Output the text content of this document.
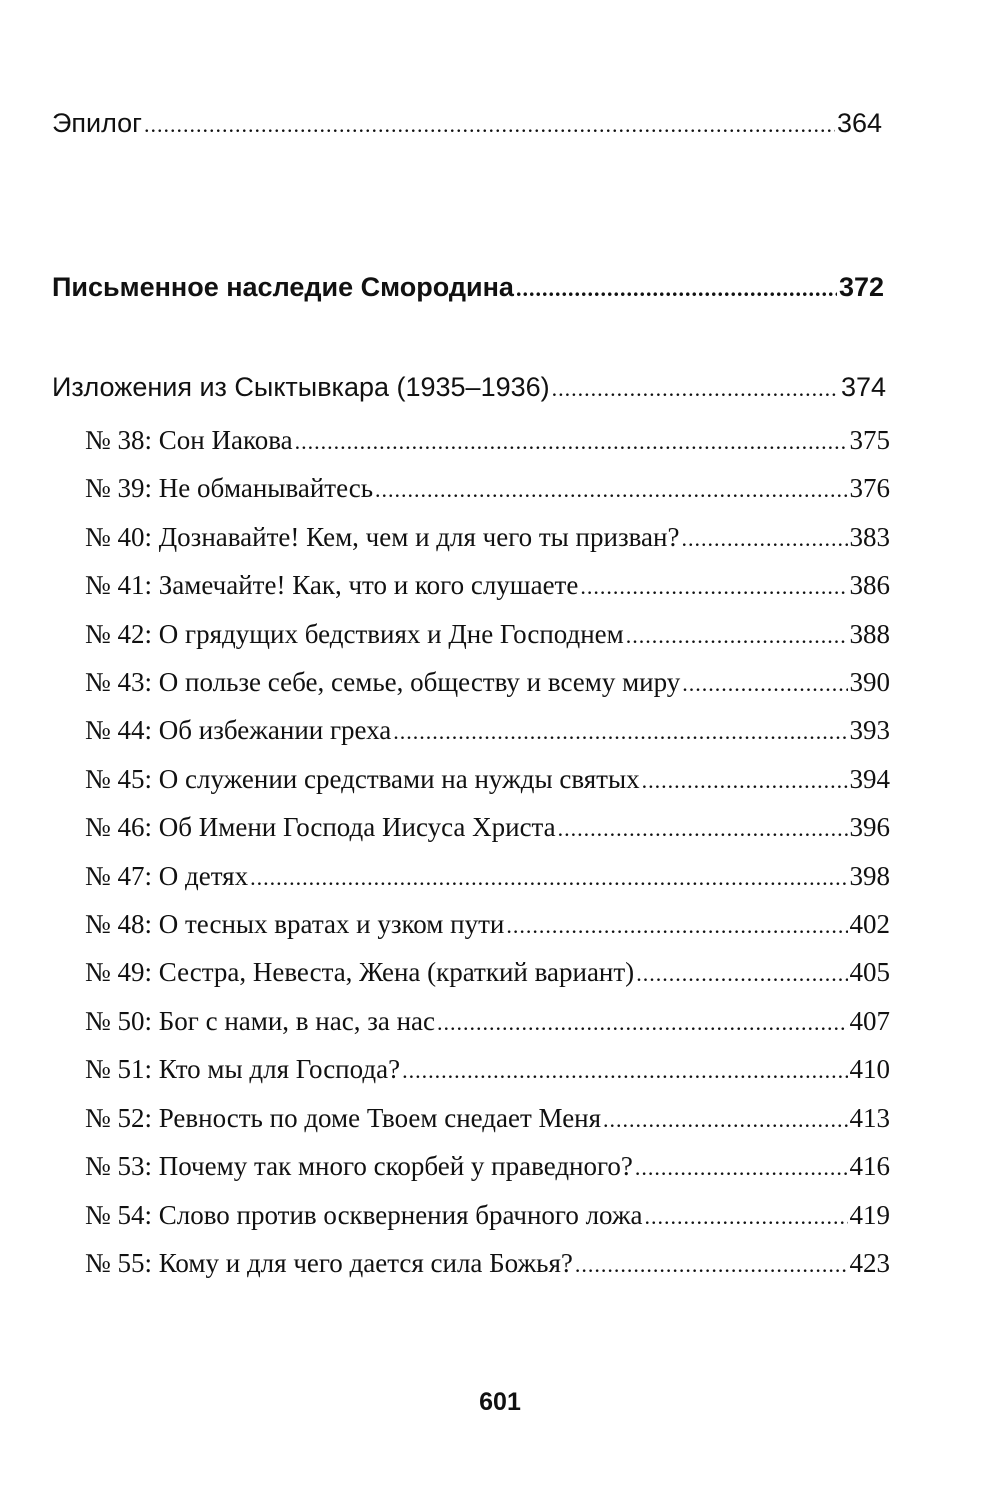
Эпилог .....	364
Письменное наследие Смородина .....	372
Изложения из Сыктывкара (1935–1936) .....	374
№ 38: Сон Иакова .....	375
№ 39: Не обманывайтесь .....	376
№ 40: Дознавайте! Кем, чем и для чего ты призван? .....	383
№ 41: Замечайте! Как, что и кого слушаете .....	386
№ 42: О грядущих бедствиях и Дне Господнем .....	388
№ 43: О пользе себе, семье, обществу и всему миру .....	390
№ 44: Об избежании греха .....	393
№ 45: О служении средствами на нужды святых .....	394
№ 46: Об Имени Господа Иисуса Христа .....	396
№ 47: О детях .....	398
№ 48: О тесных вратах и узком пути .....	402
№ 49: Сестра, Невеста, Жена (краткий вариант) .....	405
№ 50: Бог с нами, в нас, за нас .....	407
№ 51: Кто мы для Господа? .....	410
№ 52: Ревность по доме Твоем снедает Меня .....	413
№ 53: Почему так много скорбей у праведного? .....	416
№ 54: Слово против осквернения брачного ложа .....	419
№ 55: Кому и для чего дается сила Божья? .....	423
601
